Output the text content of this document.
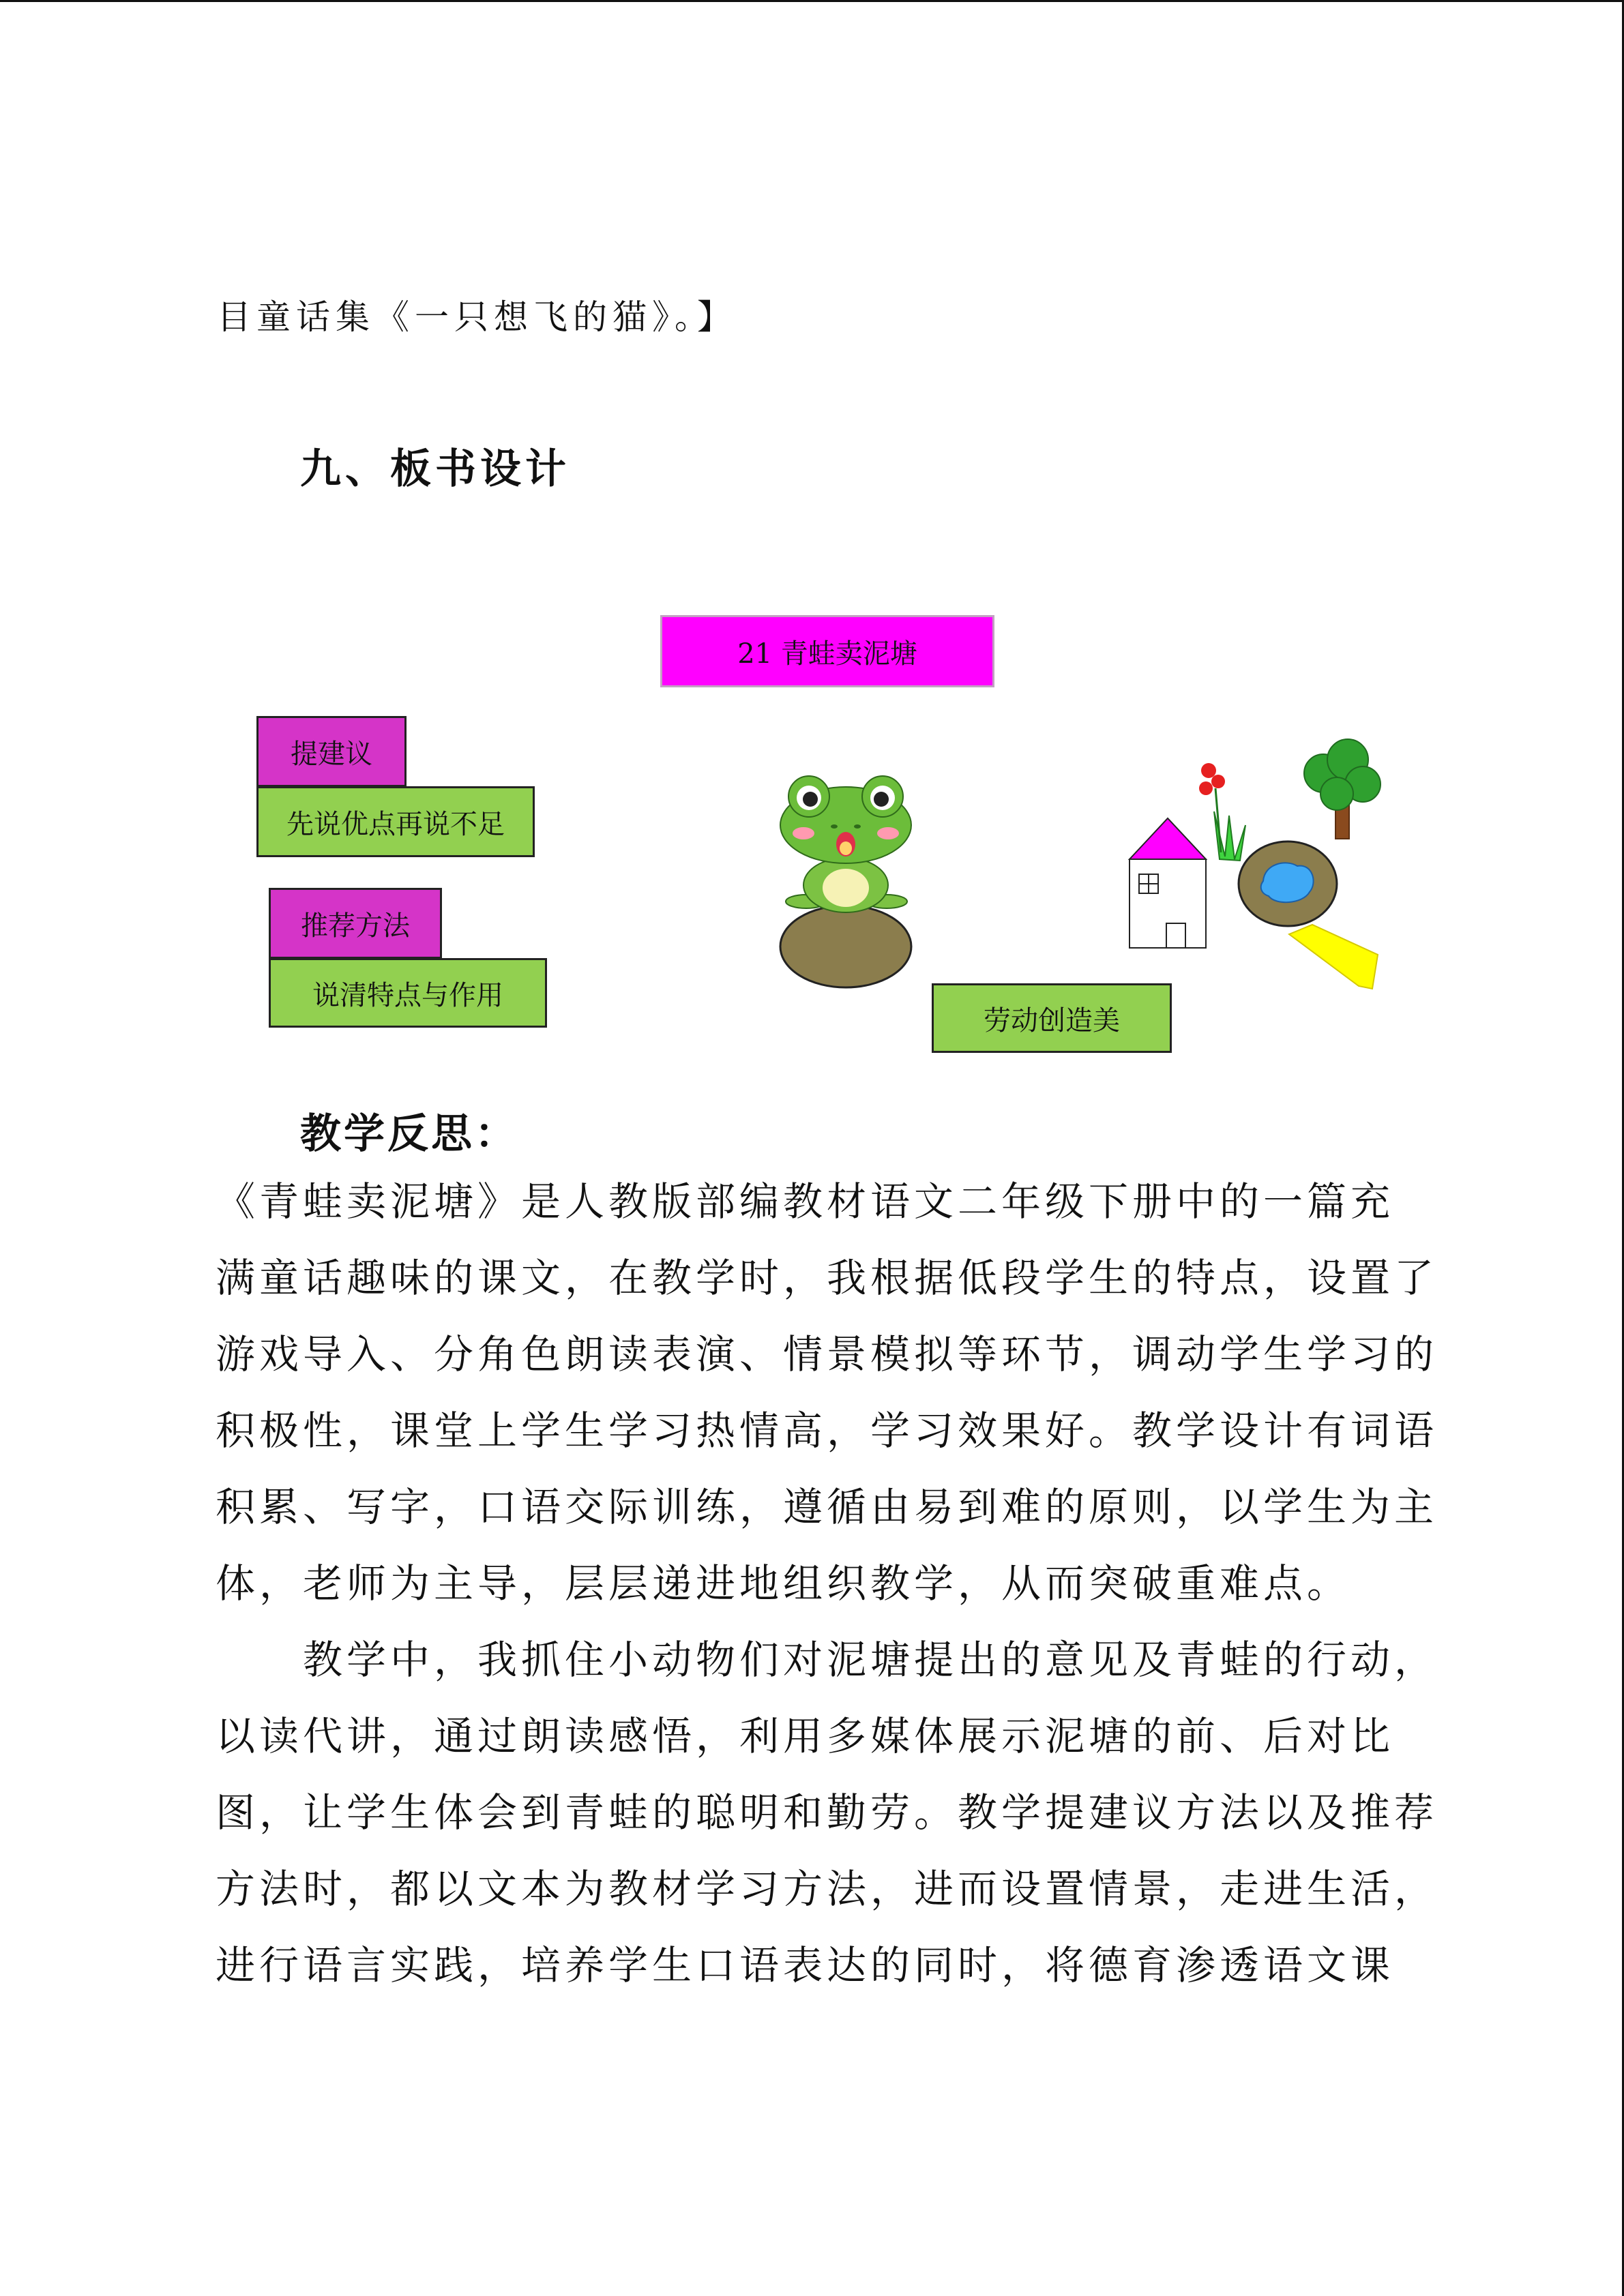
目童话集《一只想飞的猫》。】
九、板书设计
21 青蛙卖泥塘
提建议
先说优点再说不足
推荐方法
说清特点与作用
劳动创造美
教学反思：
《青蛙卖泥塘》是人教版部编教材语文二年级下册中的一篇充
满童话趣味的课文，在教学时，我根据低段学生的特点，设置了
游戏导入、分角色朗读表演、情景模拟等环节，调动学生学习的
积极性，课堂上学生学习热情高，学习效果好。教学设计有词语
积累、写字，口语交际训练，遵循由易到难的原则，以学生为主
体，老师为主导，层层递进地组织教学，从而突破重难点。
　　教学中，我抓住小动物们对泥塘提出的意见及青蛙的行动，
以读代讲，通过朗读感悟，利用多媒体展示泥塘的前、后对比
图，让学生体会到青蛙的聪明和勤劳。教学提建议方法以及推荐
方法时，都以文本为教材学习方法，进而设置情景，走进生活，
进行语言实践，培养学生口语表达的同时，将德育渗透语文课
